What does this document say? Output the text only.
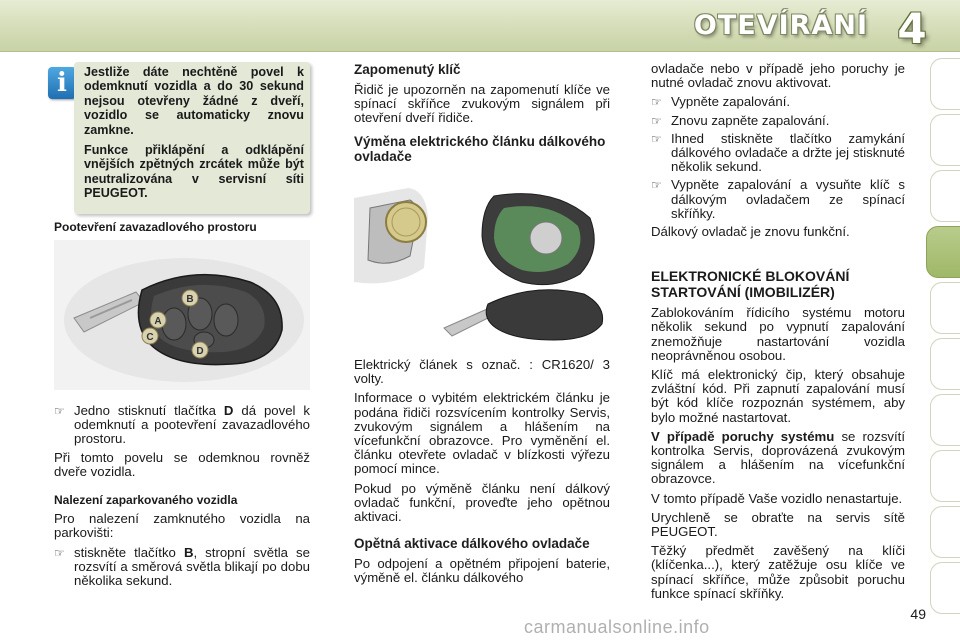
OTEVÍRÁNÍ 4
i	Jestliže dáte nechtěně povel k odemknutí vozidla a do 30 sekund nejsou otevřeny žádné z dveří, vozidlo se automaticky znovu zamkne.
Funkce přiklápění a odklápění vnějších zpětných zrcátek může být neutralizována v servisní síti PEUGEOT.
Pootevření zavazadlového prostoru
A
B
C
D
☞ Jedno stisknutí tlačítka D dá povel k odemknutí a pootevření zavazadlového prostoru.

Při tomto povelu se odemknou rovněž dveře vozidla.

Nalezení zaparkovaného vozidla

Pro nalezení zamknutého vozidla na parkovišti:

☞ stiskněte tlačítko B, stropní světla se rozsvítí a směrová světla blikají po dobu několika sekund.
Zapomenutý klíč

Řidič je upozorněn na zapomenutí klíče ve spínací skříňce zvukovým signálem při otevření dveří řidiče.

Výměna elektrického článku dálkového ovladače

Elektrický článek s označ. : CR1620/ 3 volty.

Informace o vybitém elektrickém článku je podána řidiči rozsvícením kontrolky Servis, zvukovým signálem a hlášením na vícefunkční obrazovce. Pro vyměnění el. článku otevřete ovladač v blízkosti výřezu pomocí mince.

Pokud po výměně článku není dálkový ovladač funkční, proveďte jeho opětnou aktivaci.

Opětná aktivace dálkového ovladače

Po odpojení a opětném připojení baterie, výměně el. článku dálkového

ovladače nebo v případě jeho poruchy je nutné ovladač znovu aktivovat.

☞ Vypněte zapalování.
☞ Znovu zapněte zapalování.
☞ Ihned stiskněte tlačítko zamykání dálkového ovladače a držte jej stisknuté několik sekund.
☞ Vypněte zapalování a vysuňte klíč s dálkovým ovladačem ze spínací skříňky.

Dálkový ovladač je znovu funkční.

ELEKTRONICKÉ BLOKOVÁNÍ STARTOVÁNÍ (IMOBILIZÉR)

Zablokováním řídicího systému motoru několik sekund po vypnutí zapalování znemožňuje nastartování vozidla neoprávněnou osobou.

Klíč má elektronický čip, který obsahuje zvláštní kód. Při zapnutí zapalování musí být kód klíče rozpoznán systémem, aby bylo možné nastartovat.

V případě poruchy systému se rozsvítí kontrolka Servis, doprovázená zvukovým signálem a hlášením na vícefunkční obrazovce.

V tomto případě Vaše vozidlo nenastartuje.

Urychleně se obraťte na servis sítě PEUGEOT.

Těžký předmět zavěšený na klíči (klíčenka...), který zatěžuje osu klíče ve spínací skříňce, může způsobit poruchu funkce spínací skříňky.

49
carmanualsonline.info
